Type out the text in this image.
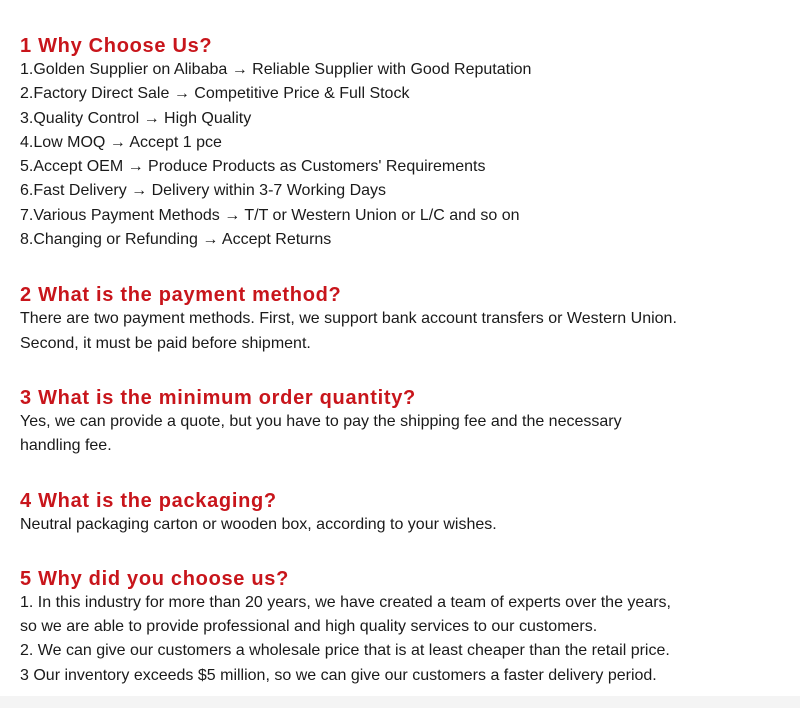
1 Why Choose Us?

1.Golden Supplier on Alibaba → Reliable Supplier with Good Reputation

2.Factory Direct Sale → Competitive Price & Full Stock

3.Quality Control → High Quality

4.Low MOQ → Accept 1 pce

5.Accept OEM → Produce Products as Customers' Requirements

6.Fast Delivery → Delivery within 3-7 Working Days

7.Various Payment Methods → T/T or Western Union or L/C and so on

8.Changing or Refunding → Accept Returns

2 What is the payment method?

There are two payment methods. First, we support bank account transfers or Western Union.

Second, it must be paid before shipment.

3 What is the minimum order quantity?

Yes, we can provide a quote, but you have to pay the shipping fee and the necessary

handling fee.

4 What is the packaging?

Neutral packaging carton or wooden box, according to your wishes.

5 Why did you choose us?

1. In this industry for more than 20 years, we have created a team of experts over the years,

so we are able to provide professional and high quality services to our customers.

2. We can give our customers a wholesale price that is at least cheaper than the retail price.

3 Our inventory exceeds $5 million, so we can give our customers a faster delivery period.
